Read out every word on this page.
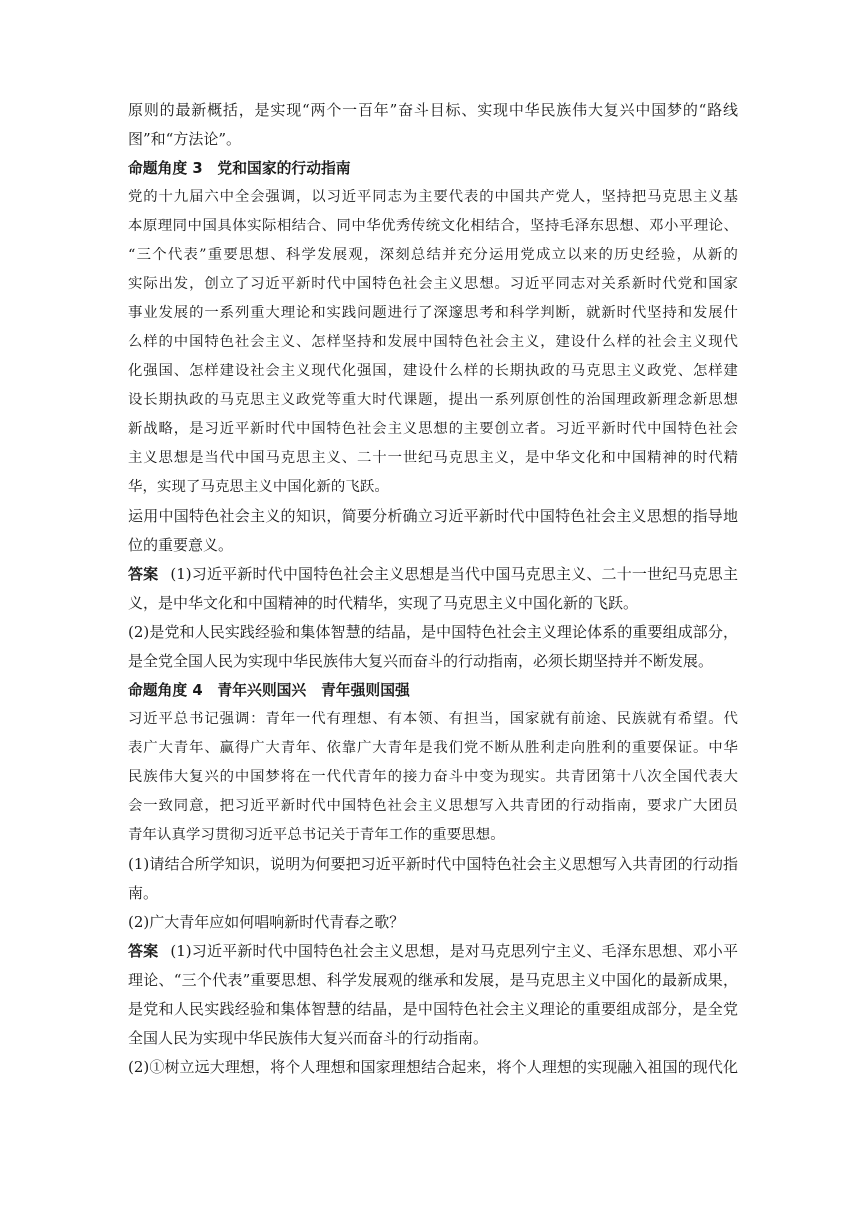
原则的最新概括，是实现“两个一百年”奋斗目标、实现中华民族伟大复兴中国梦的“路线
图”和“方法论”。
命题角度 3　党和国家的行动指南
党的十九届六中全会强调，以习近平同志为主要代表的中国共产党人，坚持把马克思主义基
本原理同中国具体实际相结合、同中华优秀传统文化相结合，坚持毛泽东思想、邓小平理论、
“三个代表”重要思想、科学发展观，深刻总结并充分运用党成立以来的历史经验，从新的
实际出发，创立了习近平新时代中国特色社会主义思想。习近平同志对关系新时代党和国家
事业发展的一系列重大理论和实践问题进行了深邃思考和科学判断，就新时代坚持和发展什
么样的中国特色社会主义、怎样坚持和发展中国特色社会主义，建设什么样的社会主义现代
化强国、怎样建设社会主义现代化强国，建设什么样的长期执政的马克思主义政党、怎样建
设长期执政的马克思主义政党等重大时代课题，提出一系列原创性的治国理政新理念新思想
新战略，是习近平新时代中国特色社会主义思想的主要创立者。习近平新时代中国特色社会
主义思想是当代中国马克思主义、二十一世纪马克思主义，是中华文化和中国精神的时代精
华，实现了马克思主义中国化新的飞跃。
运用中国特色社会主义的知识，简要分析确立习近平新时代中国特色社会主义思想的指导地
位的重要意义。
答案 (1)习近平新时代中国特色社会主义思想是当代中国马克思主义、二十一世纪马克思主
义，是中华文化和中国精神的时代精华，实现了马克思主义中国化新的飞跃。
(2)是党和人民实践经验和集体智慧的结晶，是中国特色社会主义理论体系的重要组成部分，
是全党全国人民为实现中华民族伟大复兴而奋斗的行动指南，必须长期坚持并不断发展。
命题角度 4　青年兴则国兴　青年强则国强
习近平总书记强调：青年一代有理想、有本领、有担当，国家就有前途、民族就有希望。代
表广大青年、赢得广大青年、依靠广大青年是我们党不断从胜利走向胜利的重要保证。中华
民族伟大复兴的中国梦将在一代代青年的接力奋斗中变为现实。共青团第十八次全国代表大
会一致同意，把习近平新时代中国特色社会主义思想写入共青团的行动指南，要求广大团员
青年认真学习贯彻习近平总书记关于青年工作的重要思想。
(1)请结合所学知识，说明为何要把习近平新时代中国特色社会主义思想写入共青团的行动指
南。
(2)广大青年应如何唱响新时代青春之歌？
答案 (1)习近平新时代中国特色社会主义思想，是对马克思列宁主义、毛泽东思想、邓小平
理论、“三个代表”重要思想、科学发展观的继承和发展，是马克思主义中国化的最新成果，
是党和人民实践经验和集体智慧的结晶，是中国特色社会主义理论的重要组成部分，是全党
全国人民为实现中华民族伟大复兴而奋斗的行动指南。
(2)①树立远大理想，将个人理想和国家理想结合起来，将个人理想的实现融入祖国的现代化
